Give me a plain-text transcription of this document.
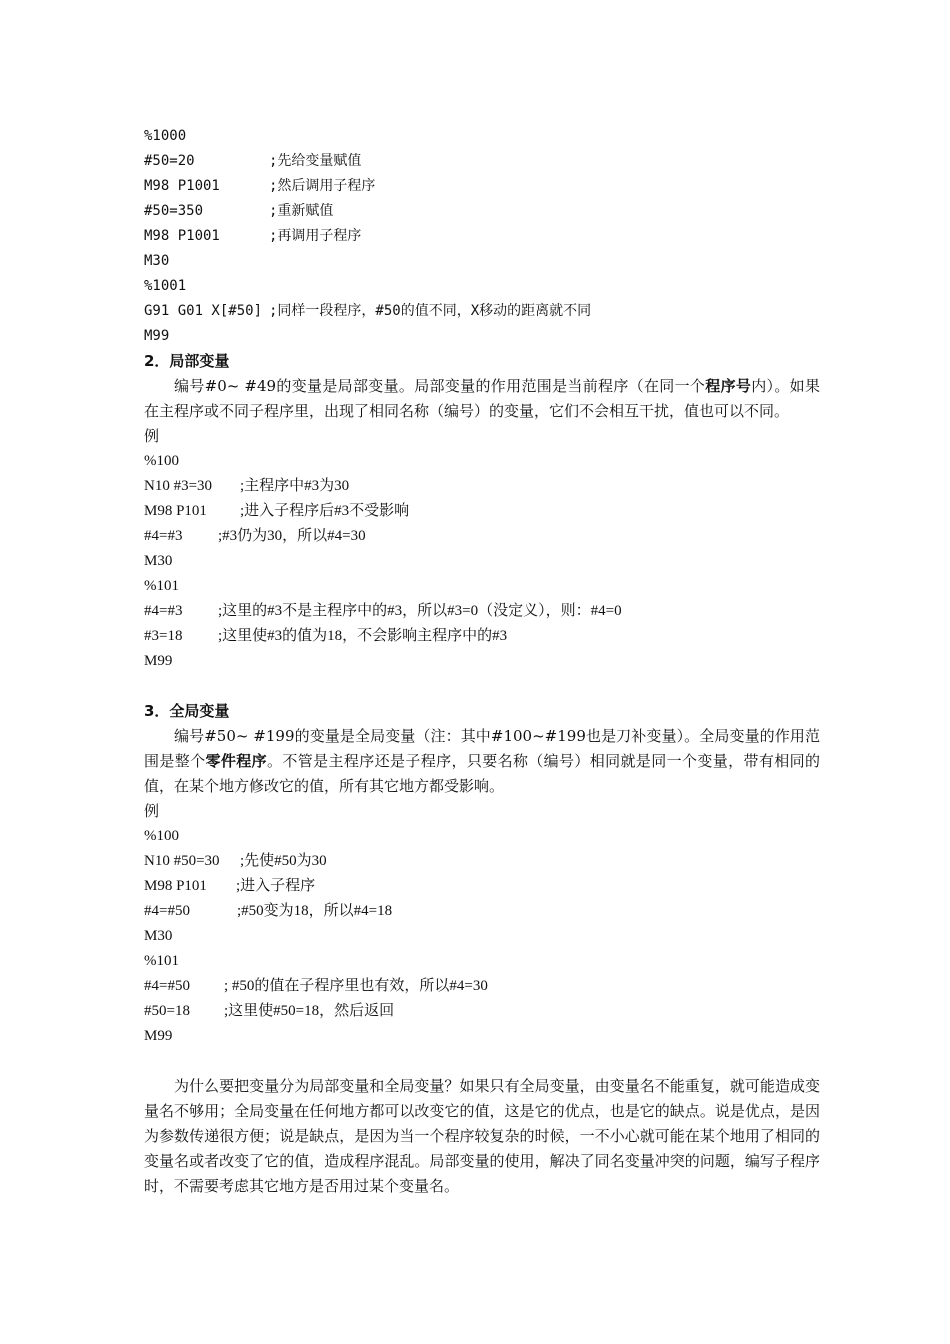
%1000
#50=20	;先给变量赋值
M98 P1001	;然后调用子程序
#50=350	;重新赋值
M98 P1001	;再调用子程序
M30
%1001
G91 G01 X[#50] ;同样一段程序，#50的值不同，X移动的距离就不同
M99
2．局部变量

编号#0~ #49的变量是局部变量。局部变量的作用范围是当前程序（在同一个程序号内）。如果在主程序或不同子程序里，出现了相同名称（编号）的变量，它们不会相互干扰，值也可以不同。

例
%100
N10 #3=30 ;主程序中#3为30
M98 P101 ;进入子程序后#3不受影响
#4=#3 ;#3仍为30，所以#4=30
M30
%101
#4=#3 ;这里的#3不是主程序中的#3，所以#3=0（没定义），则：#4=0
#3=18 ;这里使#3的值为18，不会影响主程序中的#3
M99
3．全局变量

编号#50~ #199的变量是全局变量（注：其中#100~#199也是刀补变量）。全局变量的作用范围是整个零件程序。不管是主程序还是子程序，只要名称（编号）相同就是同一个变量，带有相同的值，在某个地方修改它的值，所有其它地方都受影响。

例
%100
N10 #50=30 ;先使#50为30
M98 P101 ;进入子程序
#4=#50	;#50变为18，所以#4=18
M30
%101
#4=#50 ; #50的值在子程序里也有效，所以#4=30
#50=18 ;这里使#50=18，然后返回
M99

为什么要把变量分为局部变量和全局变量？如果只有全局变量，由变量名不能重复，就可能造成变量名不够用；全局变量在任何地方都可以改变它的值，这是它的优点，也是它的缺点。说是优点，是因为参数传递很方便；说是缺点，是因为当一个程序较复杂的时候，一不小心就可能在某个地用了相同的变量名或者改变了它的值，造成程序混乱。局部变量的使用，解决了同名变量冲突的问题，编写子程序时，不需要考虑其它地方是否用过某个变量名。
